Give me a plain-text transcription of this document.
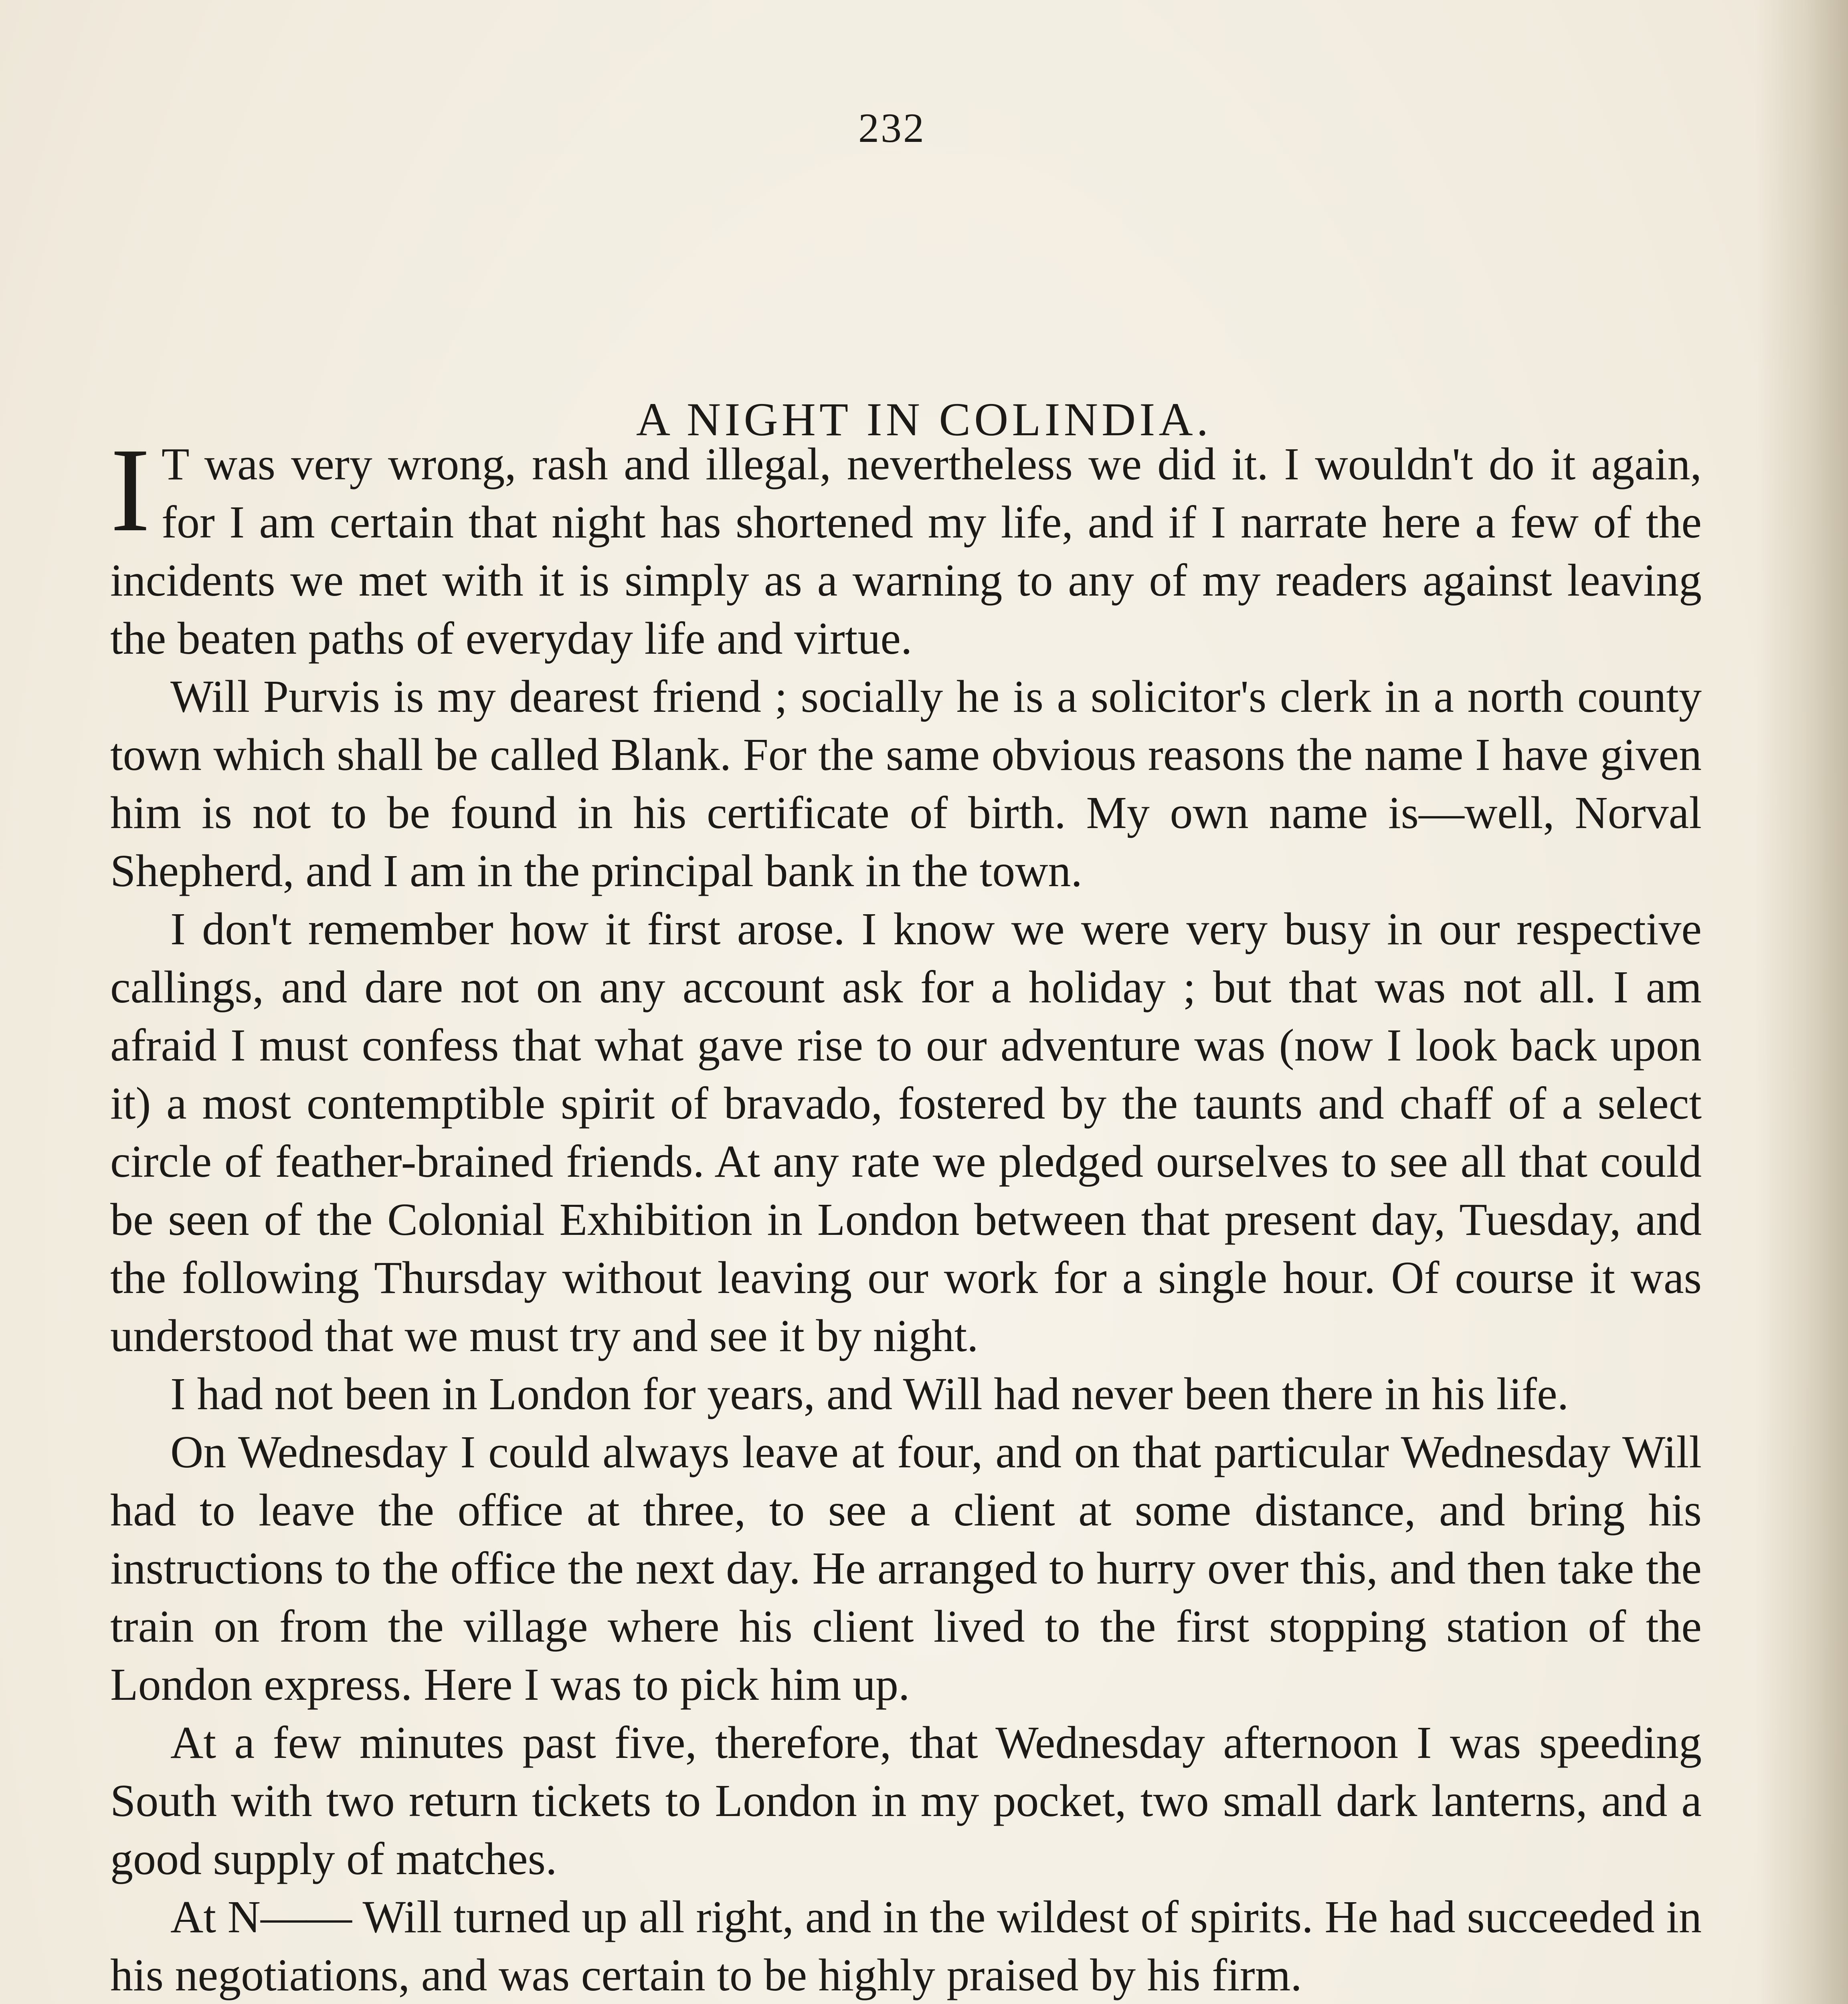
232
A NIGHT IN COLINDIA.

I T was very wrong, rash and illegal, nevertheless we did it. I wouldn't do it again, for I am certain that night has shortened my life, and if I narrate here a few of the incidents we met with it is simply as a warning to any of my readers against leaving the beaten paths of everyday life and virtue.

Will Purvis is my dearest friend ; socially he is a solicitor's clerk in a north county town which shall be called Blank. For the same obvious reasons the name I have given him is not to be found in his certificate of birth. My own name is—well, Norval Shepherd, and I am in the principal bank in the town.

I don't remember how it first arose. I know we were very busy in our respective callings, and dare not on any account ask for a holiday ; but that was not all. I am afraid I must confess that what gave rise to our adventure was (now I look back upon it) a most contemptible spirit of bravado, fostered by the taunts and chaff of a select circle of feather-brained friends. At any rate we pledged ourselves to see all that could be seen of the Colonial Exhibition in London between that present day, Tuesday, and the following Thursday without leaving our work for a single hour. Of course it was understood that we must try and see it by night.

I had not been in London for years, and Will had never been there in his life.

On Wednesday I could always leave at four, and on that particular Wednesday Will had to leave the office at three, to see a client at some distance, and bring his instructions to the office the next day. He arranged to hurry over this, and then take the train on from the village where his client lived to the first stopping station of the London express. Here I was to pick him up.

At a few minutes past five, therefore, that Wednesday afternoon I was speeding South with two return tickets to London in my pocket, two small dark lanterns, and a good supply of matches.

At N—— Will turned up all right, and in the wildest of spirits. He had succeeded in his negotiations, and was certain to be highly praised by his firm.
